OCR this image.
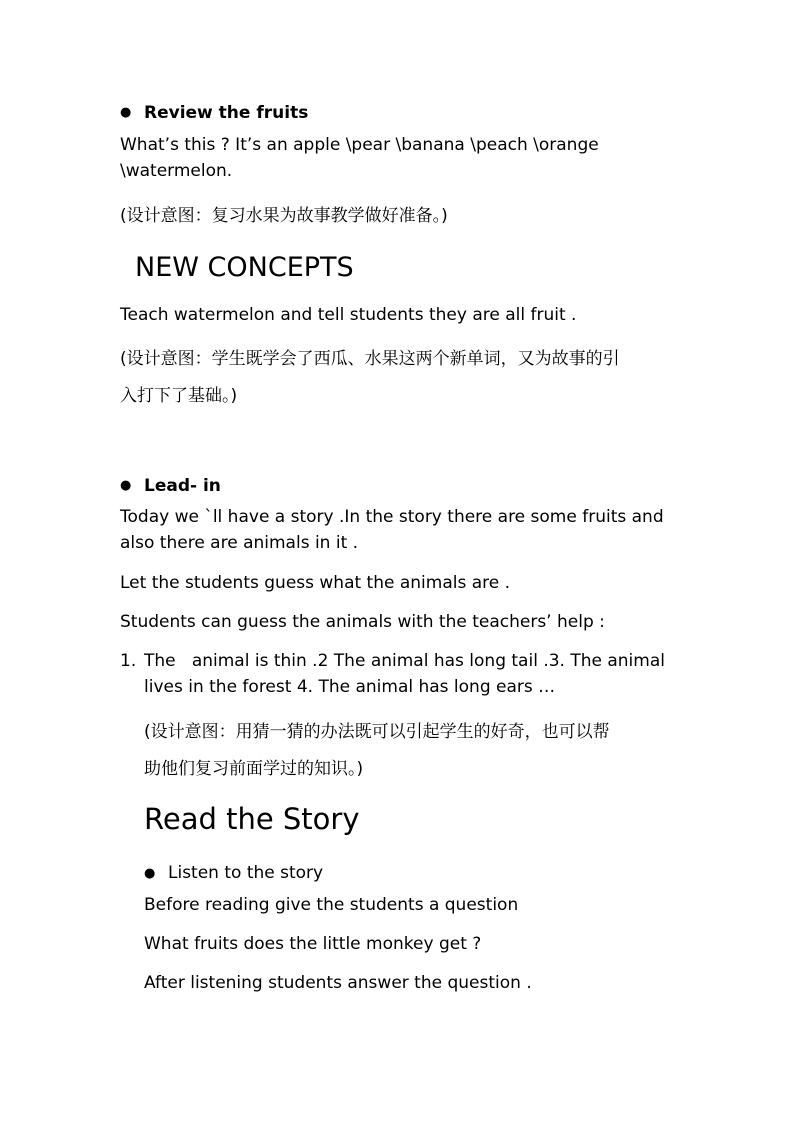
● Review the fruits
What’s this ? It’s an apple \pear \banana \peach \orange
\watermelon.
(设计意图：复习水果为故事教学做好准备。)
NEW CONCEPTS
Teach watermelon and tell students they are all fruit .
(设计意图：学生既学会了西瓜、水果这两个新单词，又为故事的引
入打下了基础。)
● Lead- in
Today we `ll have a story .In the story there are some fruits and
also there are animals in it .
Let the students guess what the animals are .
Students can guess the animals with the teachers’ help :
1. The   animal is thin .2 The animal has long tail .3. The animal
lives in the forest 4. The animal has long ears …
(设计意图：用猜一猜的办法既可以引起学生的好奇，也可以帮
助他们复习前面学过的知识。)
Read the Story
● Listen to the story
Before reading give the students a question
What fruits does the little monkey get ?
After listening students answer the question .
